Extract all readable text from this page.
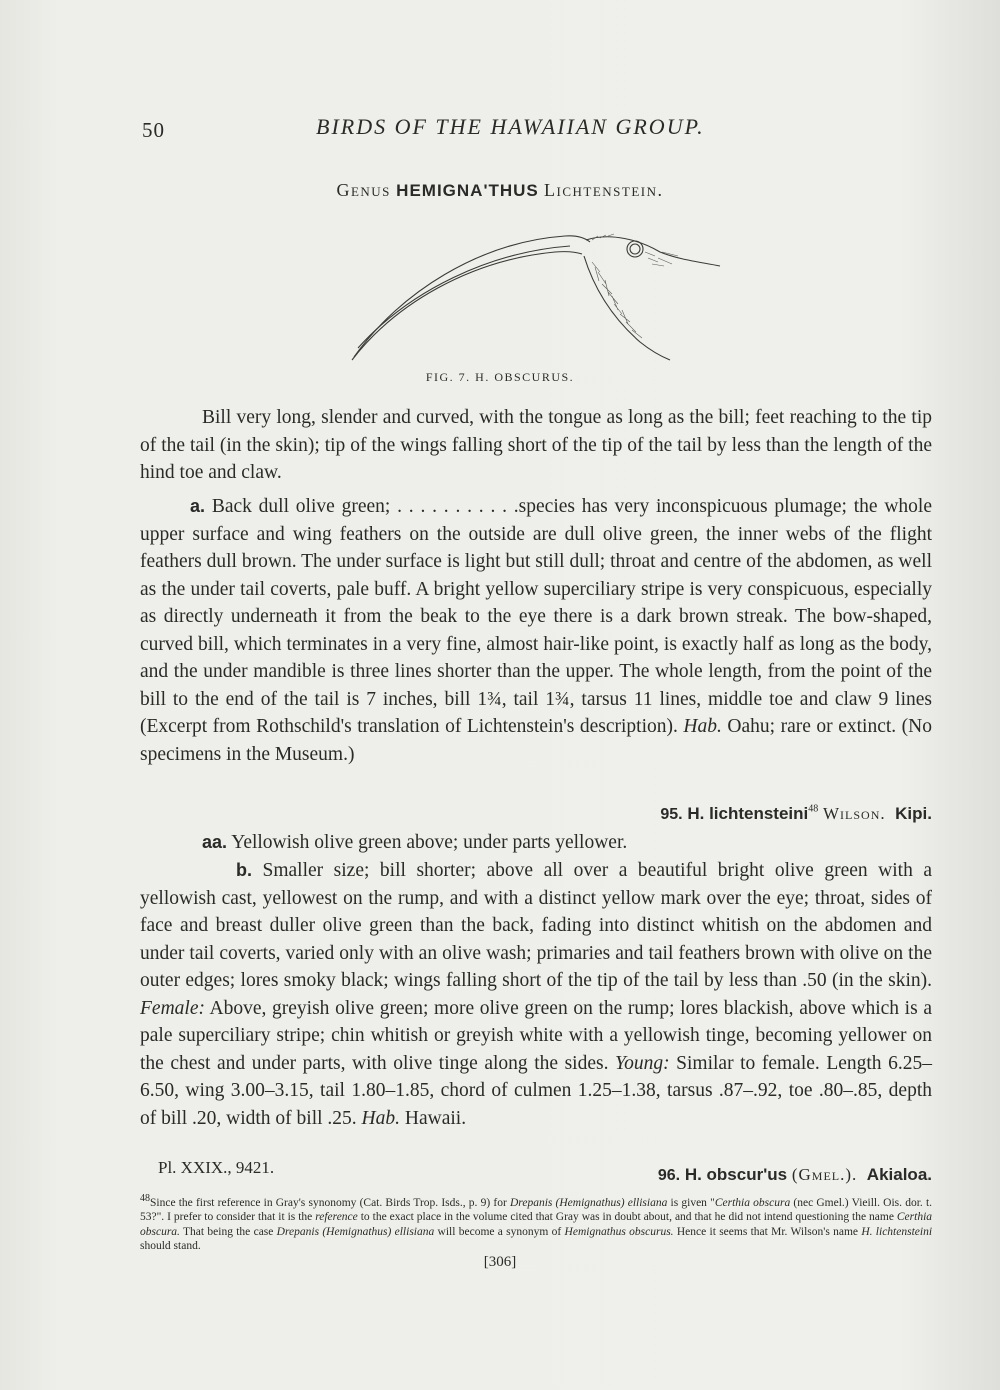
50	BIRDS OF THE HAWAIIAN GROUP.
Genus HEMIGNA'THUS Lichtenstein.
FIG. 7. H. OBSCURUS.
Bill very long, slender and curved, with the tongue as long as the bill; feet reaching to the tip of the tail (in the skin); tip of the wings falling short of the tip of the tail by less than the length of the hind toe and claw.
a. Back dull olive green; . . . . . . . . . . .species has very inconspicuous plumage; the whole upper surface and wing feathers on the outside are dull olive green, the inner webs of the flight feathers dull brown. The under surface is light but still dull; throat and centre of the abdomen, as well as the under tail coverts, pale buff. A bright yellow superciliary stripe is very conspicuous, especially as directly underneath it from the beak to the eye there is a dark brown streak. The bow-shaped, curved bill, which terminates in a very fine, almost hair-like point, is exactly half as long as the body, and the under mandible is three lines shorter than the upper. The whole length, from the point of the bill to the end of the tail is 7 inches, bill 1¾, tail 1¾, tarsus 11 lines, middle toe and claw 9 lines (Excerpt from Rothschild's translation of Lichtenstein's description). Hab. Oahu; rare or extinct. (No specimens in the Museum.)
95. H. lichtensteini$^{48}$ Wilson. Kipi.
aa. Yellowish olive green above; under parts yellower.
b. Smaller size; bill shorter; above all over a beautiful bright olive green with a yellowish cast, yellowest on the rump, and with a distinct yellow mark over the eye; throat, sides of face and breast duller olive green than the back, fading into distinct whitish on the abdomen and under tail coverts, varied only with an olive wash; primaries and tail feathers brown with olive on the outer edges; lores smoky black; wings falling short of the tip of the tail by less than .50 (in the skin). Female: Above, greyish olive green; more olive green on the rump; lores blackish, above which is a pale superciliary stripe; chin whitish or greyish white with a yellowish tinge, becoming yellower on the chest and under parts, with olive tinge along the sides. Young: Similar to female. Length 6.25–6.50, wing 3.00–3.15, tail 1.80–1.85, chord of culmen 1.25–1.38, tarsus .87–.92, toe .80–.85, depth of bill .20, width of bill .25. Hab. Hawaii.
Pl. XXIX., 9421.	96. H. obscur'us (Gmel.). Akialoa.
$^{48}$Since the first reference in Gray's synonomy (Cat. Birds Trop. Isds., p. 9) for Drepanis (Hemignathus) ellisiana is given "Certhia obscura (nec Gmel.) Vieill. Ois. dor. t. 53?". I prefer to consider that it is the reference to the exact place in the volume cited that Gray was in doubt about, and that he did not intend questioning the name Certhia obscura. That being the case Drepanis (Hemignathus) ellisiana will become a synonym of Hemignathus obscurus. Hence it seems that Mr. Wilson's name H. lichtensteini should stand.
[306]
